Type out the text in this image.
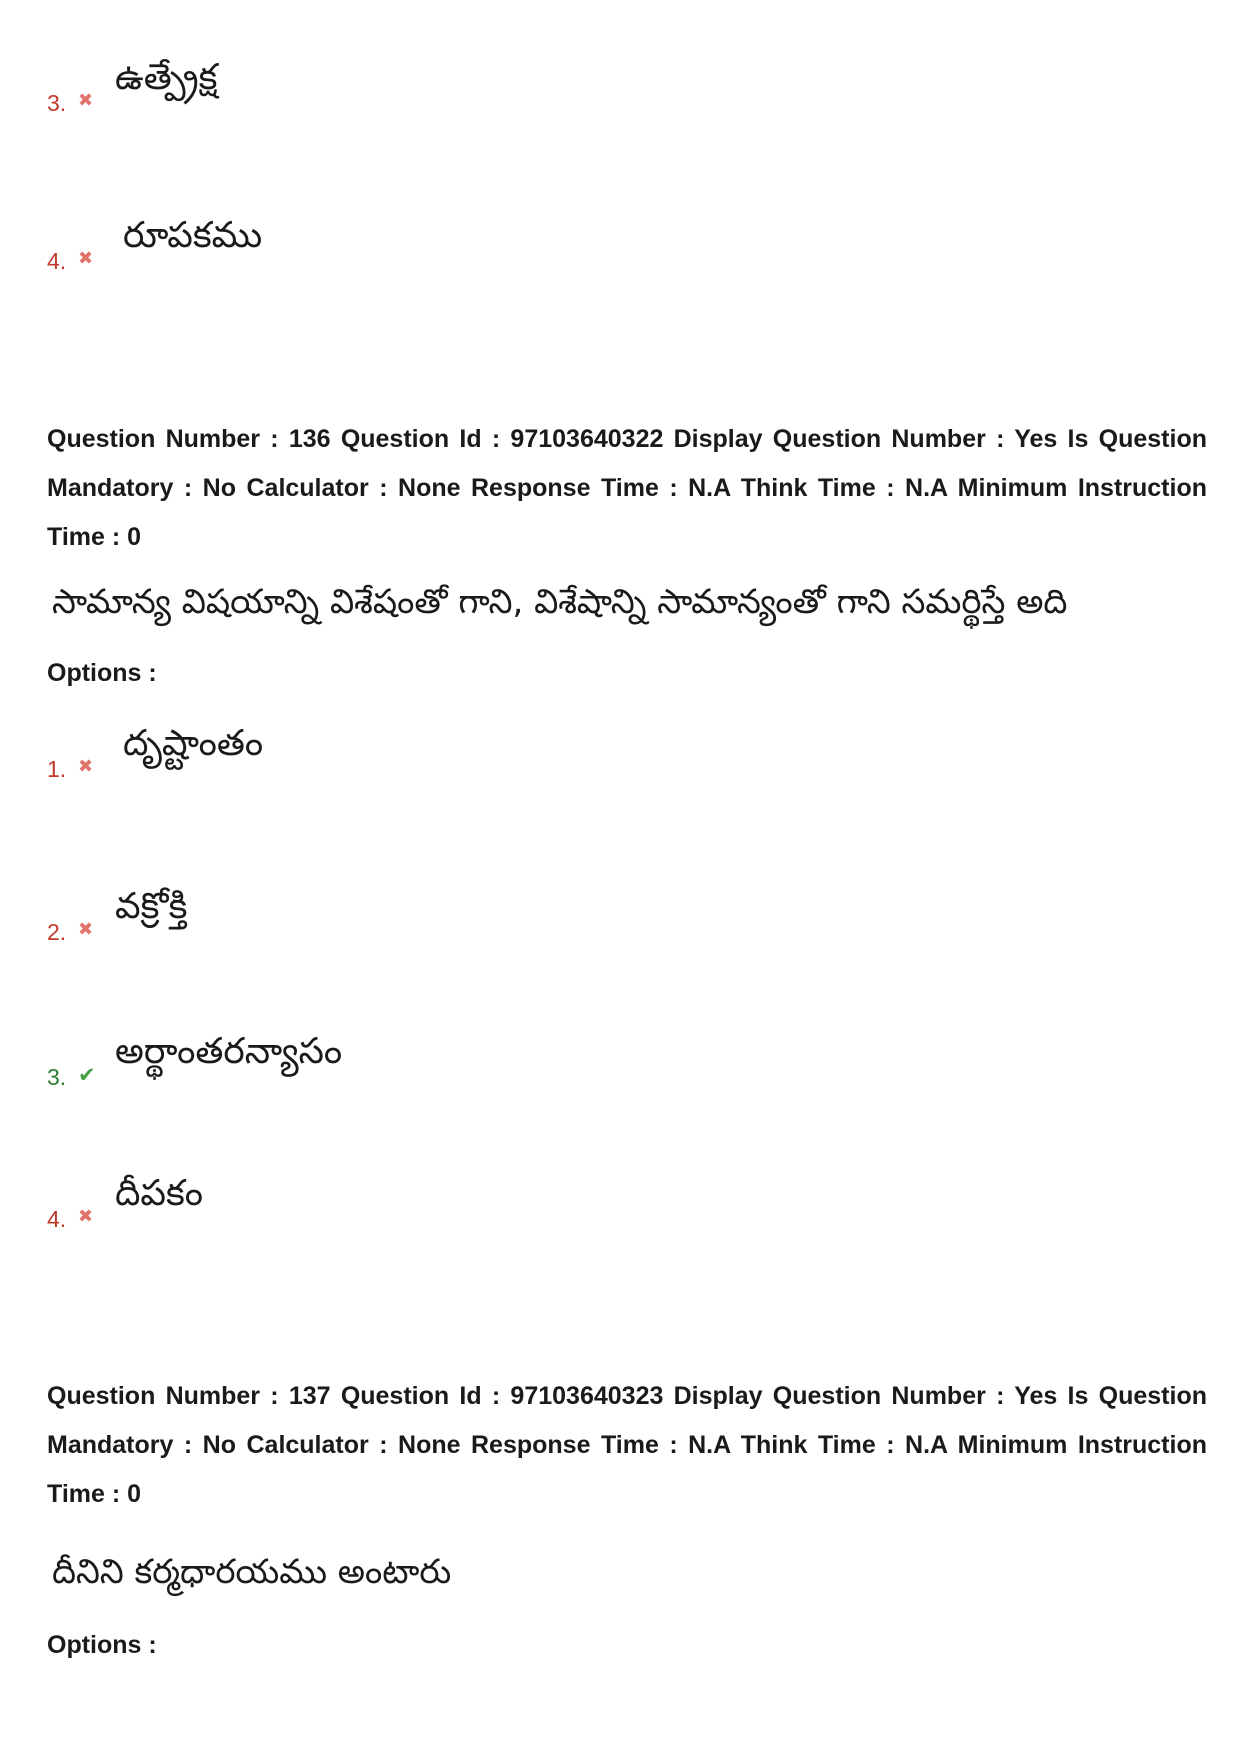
ఉత్ప్రేక్ష
3. ✖
రూపకము
4. ✖
Question Number : 136 Question Id : 97103640322 Display Question Number : Yes Is Question Mandatory : No Calculator : None Response Time : N.A Think Time : N.A Minimum Instruction Time : 0
సామాన్య విషయాన్ని విశేషంతో గాని, విశేషాన్ని సామాన్యంతో గాని సమర్థిస్తే అది
Options :
దృష్టాంతం
1. ✖
వక్రోక్తి
2. ✖
అర్థాంతరన్యాసం
3. ✔
దీపకం
4. ✖
Question Number : 137 Question Id : 97103640323 Display Question Number : Yes Is Question Mandatory : No Calculator : None Response Time : N.A Think Time : N.A Minimum Instruction Time : 0
దీనిని కర్మధారయము అంటారు
Options :
